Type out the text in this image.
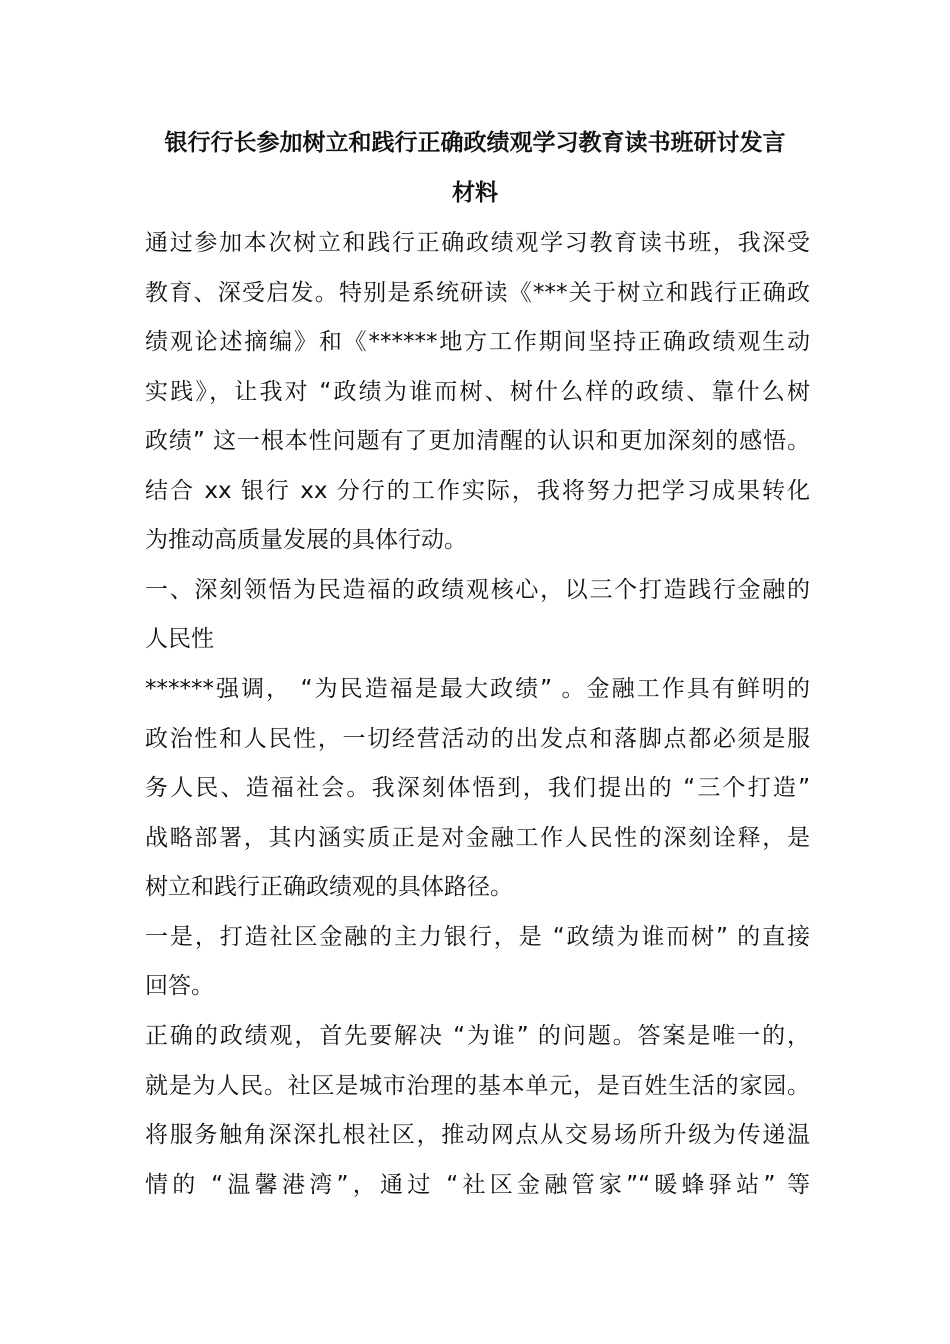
银行行长参加树立和践行正确政绩观学习教育读书班研讨发言
材料
通过参加本次树立和践行正确政绩观学习教育读书班，我深受
教育、深受启发。特别是系统研读《***关于树立和践行正确政
绩观论述摘编》和《******地方工作期间坚持正确政绩观生动
实践》，让我对 “政绩为谁而树、树什么样的政绩、靠什么树
政绩” 这一根本性问题有了更加清醒的认识和更加深刻的感悟。
结合 xx 银行 xx 分行的工作实际，我将努力把学习成果转化
为推动高质量发展的具体行动。
一、深刻领悟为民造福的政绩观核心，以三个打造践行金融的
人民性
******强调， “为民造福是最大政绩” 。金融工作具有鲜明的
政治性和人民性，一切经营活动的出发点和落脚点都必须是服
务人民、造福社会。我深刻体悟到，我们提出的 “三个打造”
战略部署，其内涵实质正是对金融工作人民性的深刻诠释，是
树立和践行正确政绩观的具体路径。
一是，打造社区金融的主力银行，是 “政绩为谁而树” 的直接
回答。
正确的政绩观，首先要解决 “为谁” 的问题。答案是唯一的，
就是为人民。社区是城市治理的基本单元，是百姓生活的家园。
将服务触角深深扎根社区，推动网点从交易场所升级为传递温
情的 “温馨港湾”，通过 “社区金融管家”“暖蜂驿站” 等
